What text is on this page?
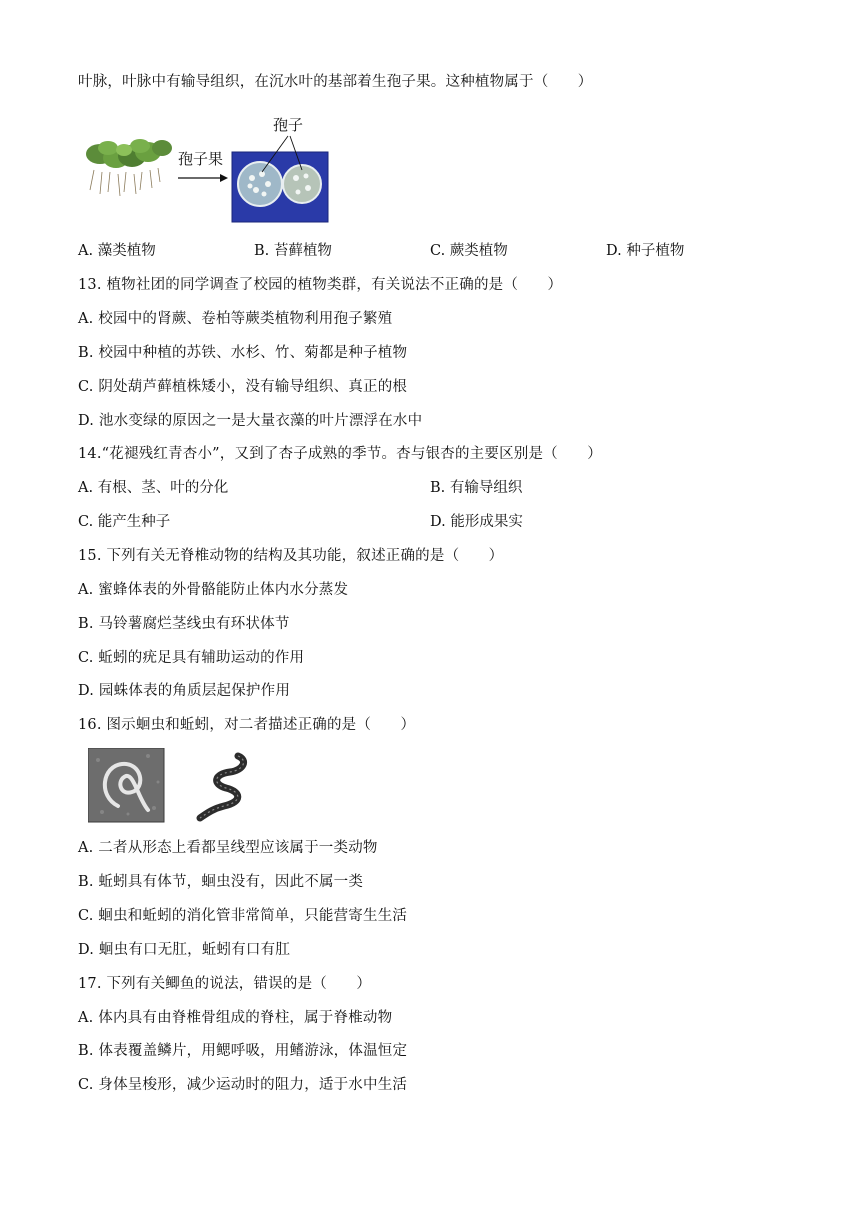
叶脉，叶脉中有输导组织，在沉水叶的基部着生孢子果。这种植物属于（　　）
孢子果
孢子
A. 藻类植物	B. 苔藓植物	C. 蕨类植物	D. 种子植物
13. 植物社团的同学调查了校园的植物类群，有关说法不正确的是（　　）
A. 校园中的肾蕨、卷柏等蕨类植物利用孢子繁殖
B. 校园中种植的苏铁、水杉、竹、菊都是种子植物
C. 阴处葫芦藓植株矮小，没有输导组织、真正的根
D. 池水变绿的原因之一是大量衣藻的叶片漂浮在水中
14.“花褪残红青杏小”，又到了杏子成熟的季节。杏与银杏的主要区别是（　　）
A. 有根、茎、叶的分化	B. 有输导组织
C. 能产生种子	D. 能形成果实
15. 下列有关无脊椎动物的结构及其功能，叙述正确的是（　　）
A. 蜜蜂体表的外骨骼能防止体内水分蒸发
B. 马铃薯腐烂茎线虫有环状体节
C. 蚯蚓的疣足具有辅助运动的作用
D. 园蛛体表的角质层起保护作用
16. 图示蛔虫和蚯蚓，对二者描述正确的是（　　）
A. 二者从形态上看都呈线型应该属于一类动物
B. 蚯蚓具有体节，蛔虫没有，因此不属一类
C. 蛔虫和蚯蚓的消化管非常简单，只能营寄生生活
D. 蛔虫有口无肛，蚯蚓有口有肛
17. 下列有关鲫鱼的说法，错误的是（　　）
A. 体内具有由脊椎骨组成的脊柱，属于脊椎动物
B. 体表覆盖鳞片，用鳃呼吸，用鳍游泳，体温恒定
C. 身体呈梭形，减少运动时的阻力，适于水中生活
